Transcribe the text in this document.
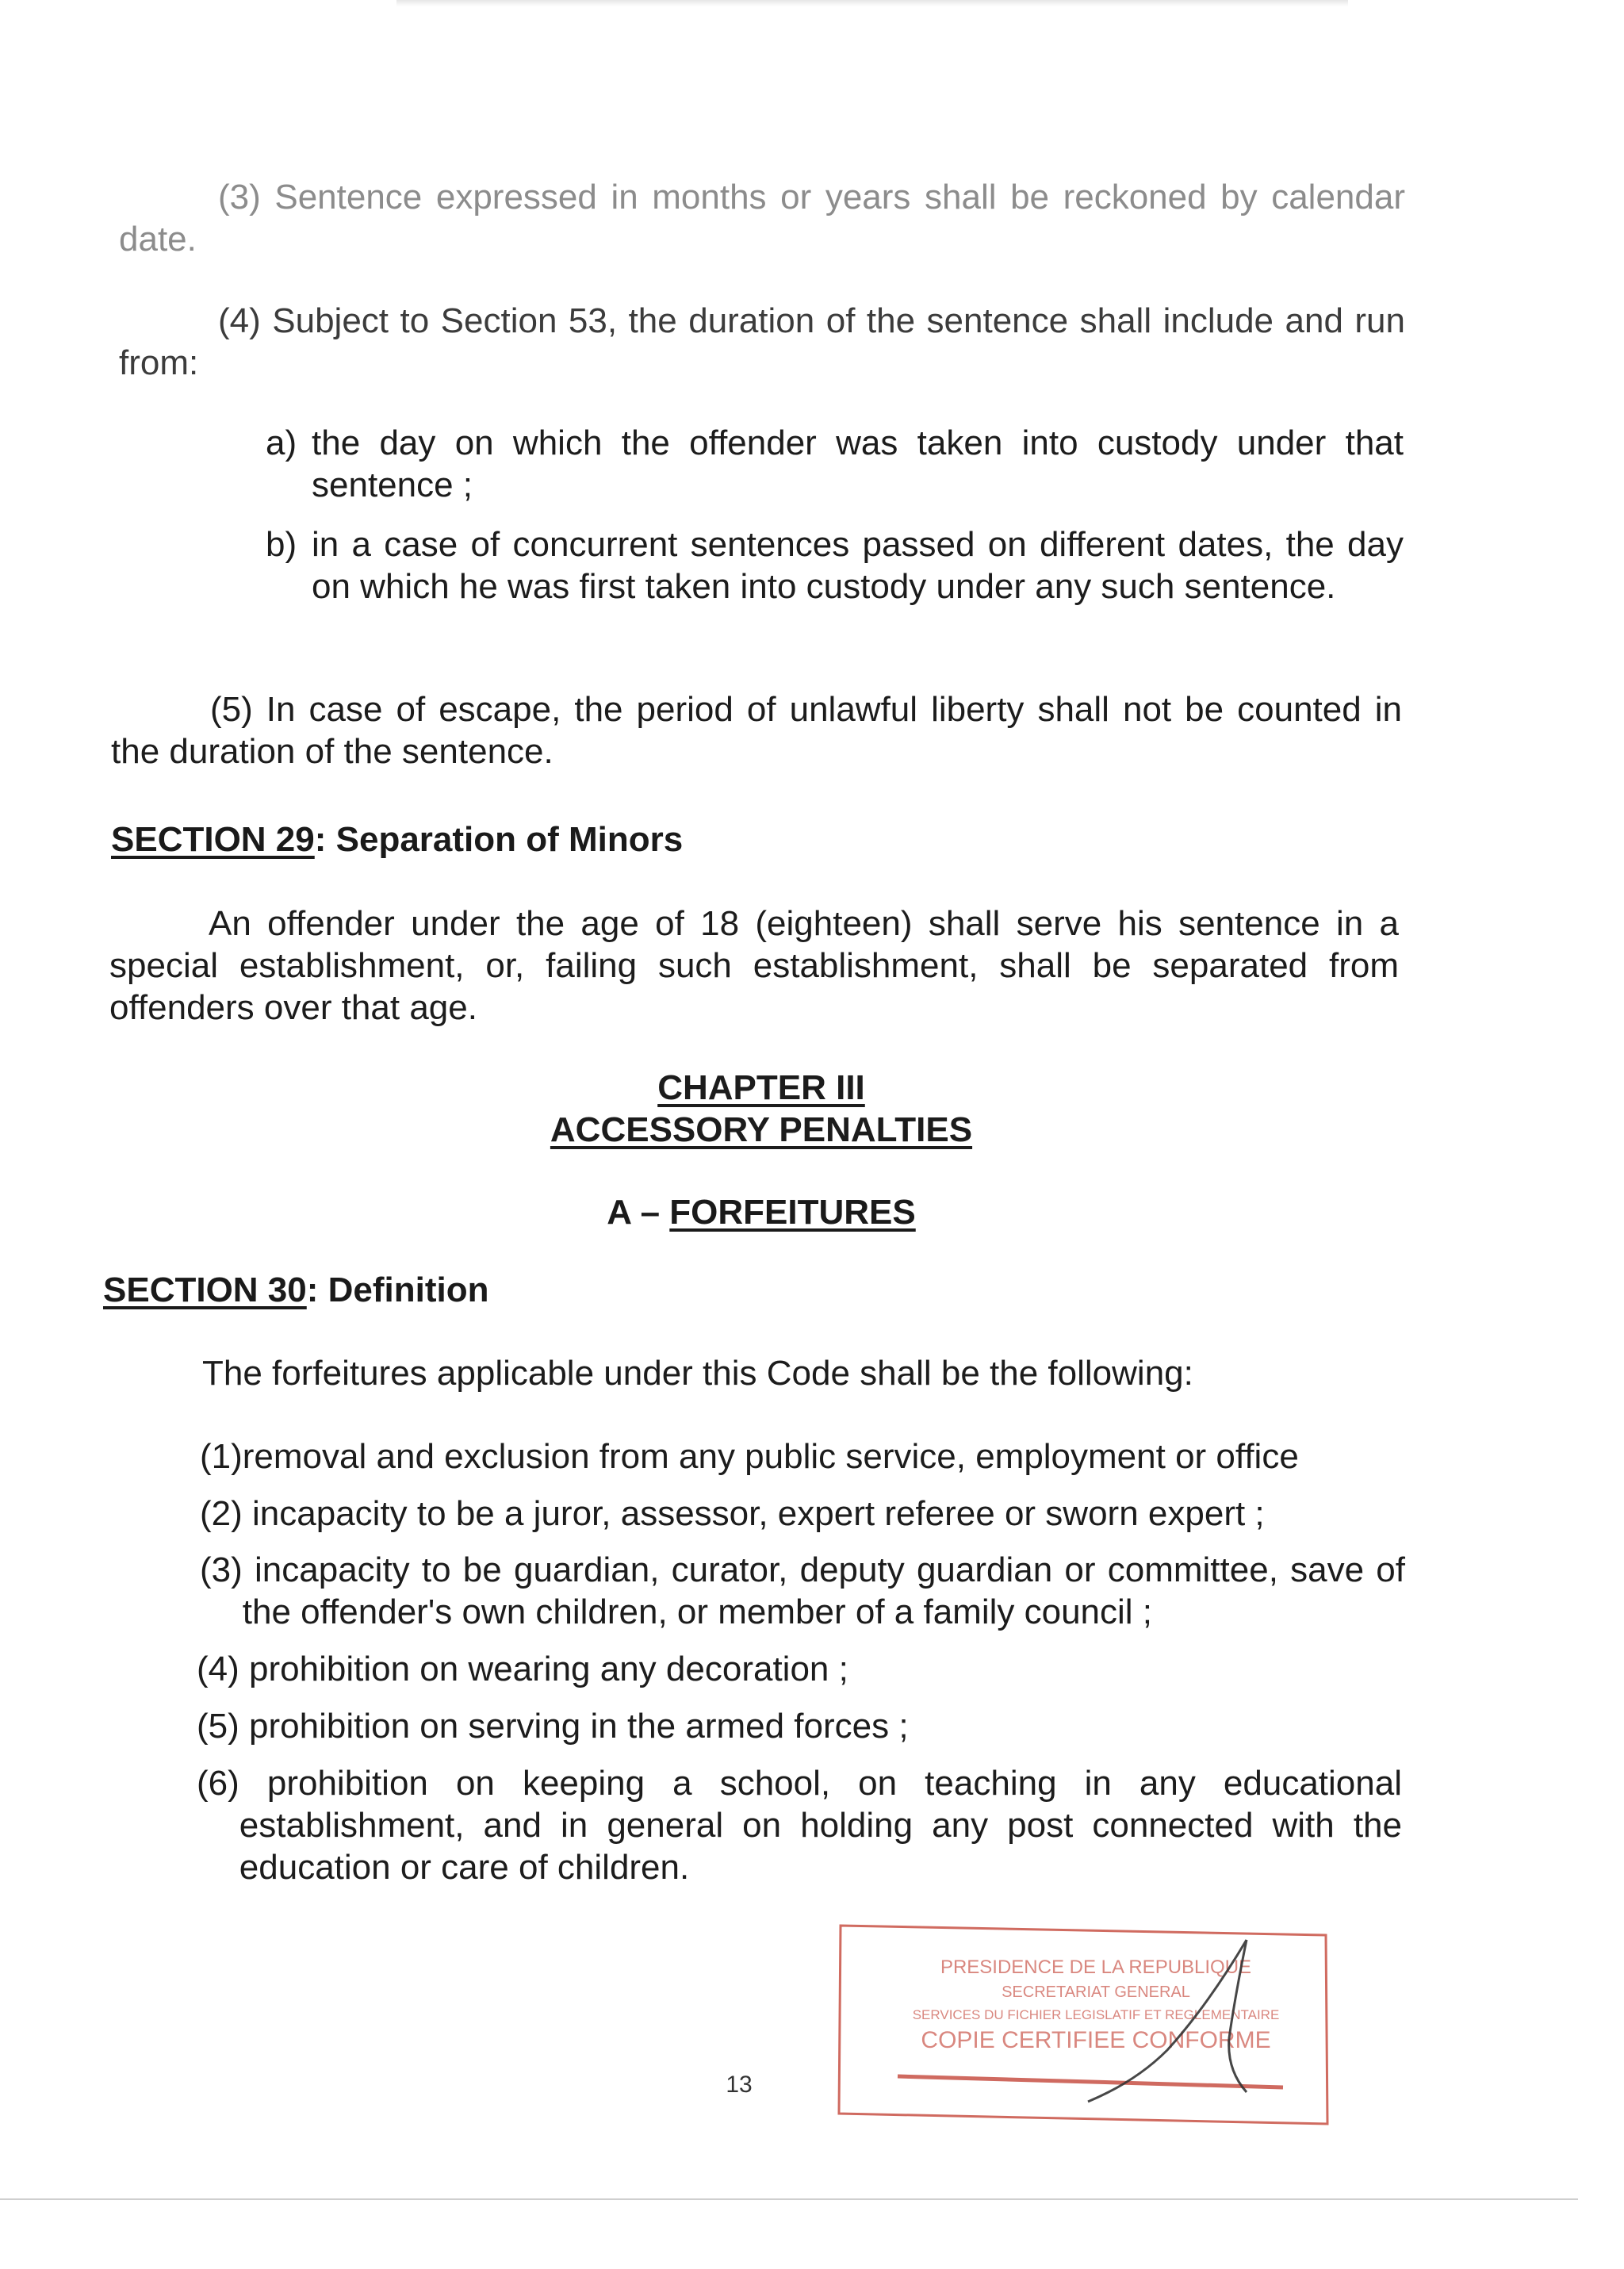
(3) Sentence expressed in months or years shall be reckoned by calendar date.

(4) Subject to Section 53, the duration of the sentence shall include and run from:

a) the day on which the offender was taken into custody under that sentence ;
b) in a case of concurrent sentences passed on different dates, the day on which he was first taken into custody under any such sentence.

(5) In case of escape, the period of unlawful liberty shall not be counted in the duration of the sentence.

SECTION 29: Separation of Minors

An offender under the age of 18 (eighteen) shall serve his sentence in a special establishment, or, failing such establishment, shall be separated from offenders over that age.

CHAPTER III
ACCESSORY PENALTIES
A – FORFEITURES
SECTION 30: Definition

The forfeitures applicable under this Code shall be the following:

(1) removal and exclusion from any public service, employment or office
(2) incapacity to be a juror, assessor, expert referee or sworn expert ;
(3) incapacity to be guardian, curator, deputy guardian or committee, save of the offender's own children, or member of a family council ;
(4) prohibition on wearing any decoration ;
(5) prohibition on serving in the armed forces ;
(6) prohibition on keeping a school, on teaching in any educational establishment, and in general on holding any post connected with the education or care of children.
13
PRESIDENCE DE LA REPUBLIQUE
SECRETARIAT GENERAL
SERVICES DU FICHIER LEGISLATIF ET REGLEMENTAIRE
COPIE CERTIFIEE CONFORME
